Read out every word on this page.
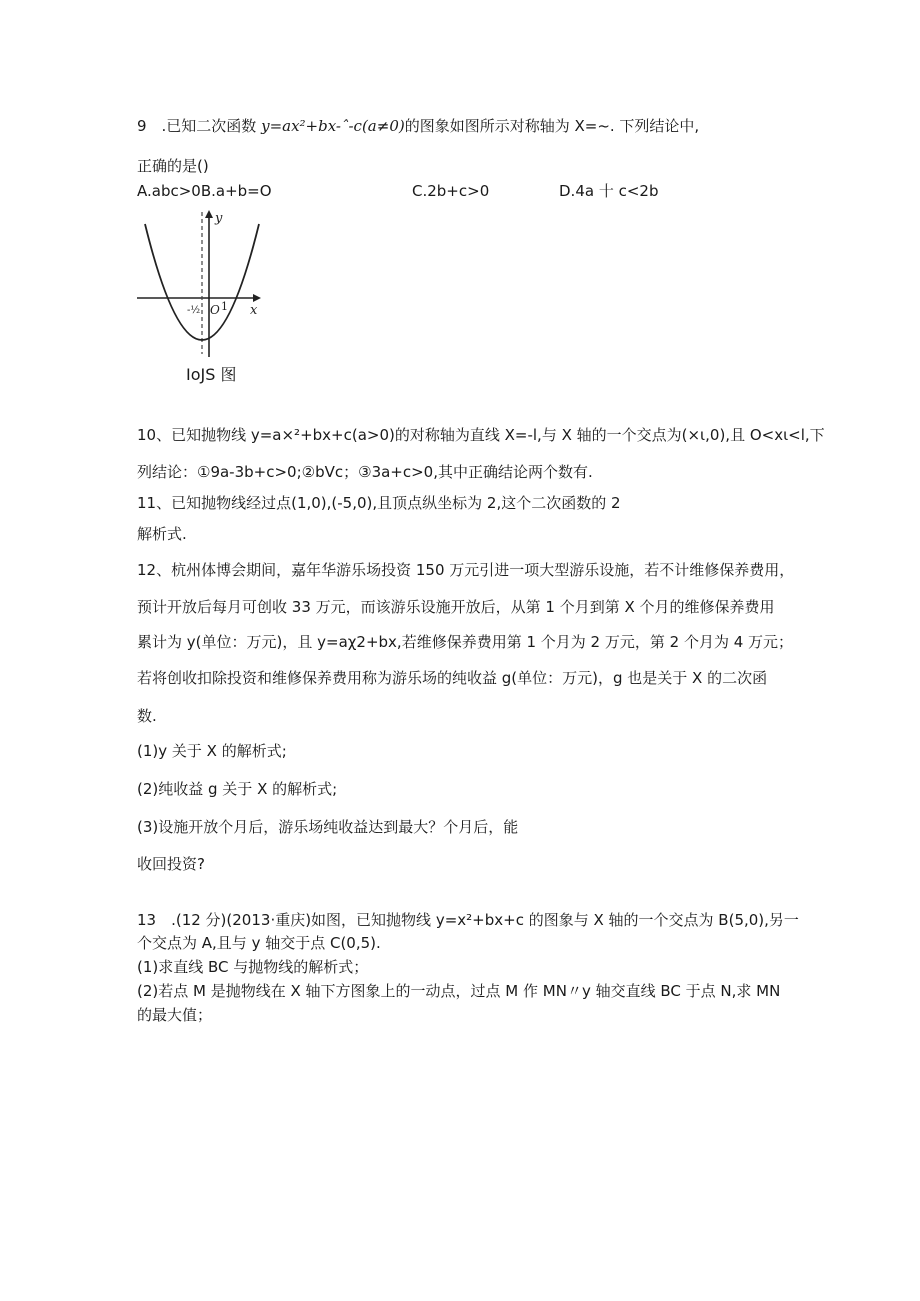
9　.已知二次函数 y=ax²+bx-ˆ-c(a≠0)的图象如图所示对称轴为 X=~. 下列结论中,
正确的是()
A.abc>0B.a+b=O	C.2b+c>0	D.4a 十 c<2b
y
x
O 1
-½
IoJS 图
10、已知抛物线 y=a×²+bx+c(a>0)的对称轴为直线 X=-l,与 X 轴的一个交点为(×ι,0),且 O<xι<l,下
列结论：①9a-3b+c>0;②bVc；③3a+c>0,其中正确结论两个数有.
11、已知抛物线经过点(1,0),(-5,0),且顶点纵坐标为 2,这个二次函数的 2
解析式.
12、杭州体博会期间，嘉年华游乐场投资 150 万元引进一项大型游乐设施，若不计维修保养费用，
预计开放后每月可创收 33 万元，而该游乐设施开放后，从第 1 个月到第 X 个月的维修保养费用
累计为 y(单位：万元)，且 y=aχ2+bx,若维修保养费用第 1 个月为 2 万元，第 2 个月为 4 万元；
若将创收扣除投资和维修保养费用称为游乐场的纯收益 g(单位：万元)，g 也是关于 X 的二次函
数.
(1)y 关于 X 的解析式;
(2)纯收益 g 关于 X 的解析式;
(3)设施开放个月后，游乐场纯收益达到最大？个月后，能
收回投资?
13　.(12 分)(2013·重庆)如图，已知抛物线 y=x²+bx+c 的图象与 X 轴的一个交点为 B(5,0),另一
个交点为 A,且与 y 轴交于点 C(0,5).
(1)求直线 BC 与抛物线的解析式；
(2)若点 M 是抛物线在 X 轴下方图象上的一动点，过点 M 作 MN〃y 轴交直线 BC 于点 N,求 MN
的最大值；
